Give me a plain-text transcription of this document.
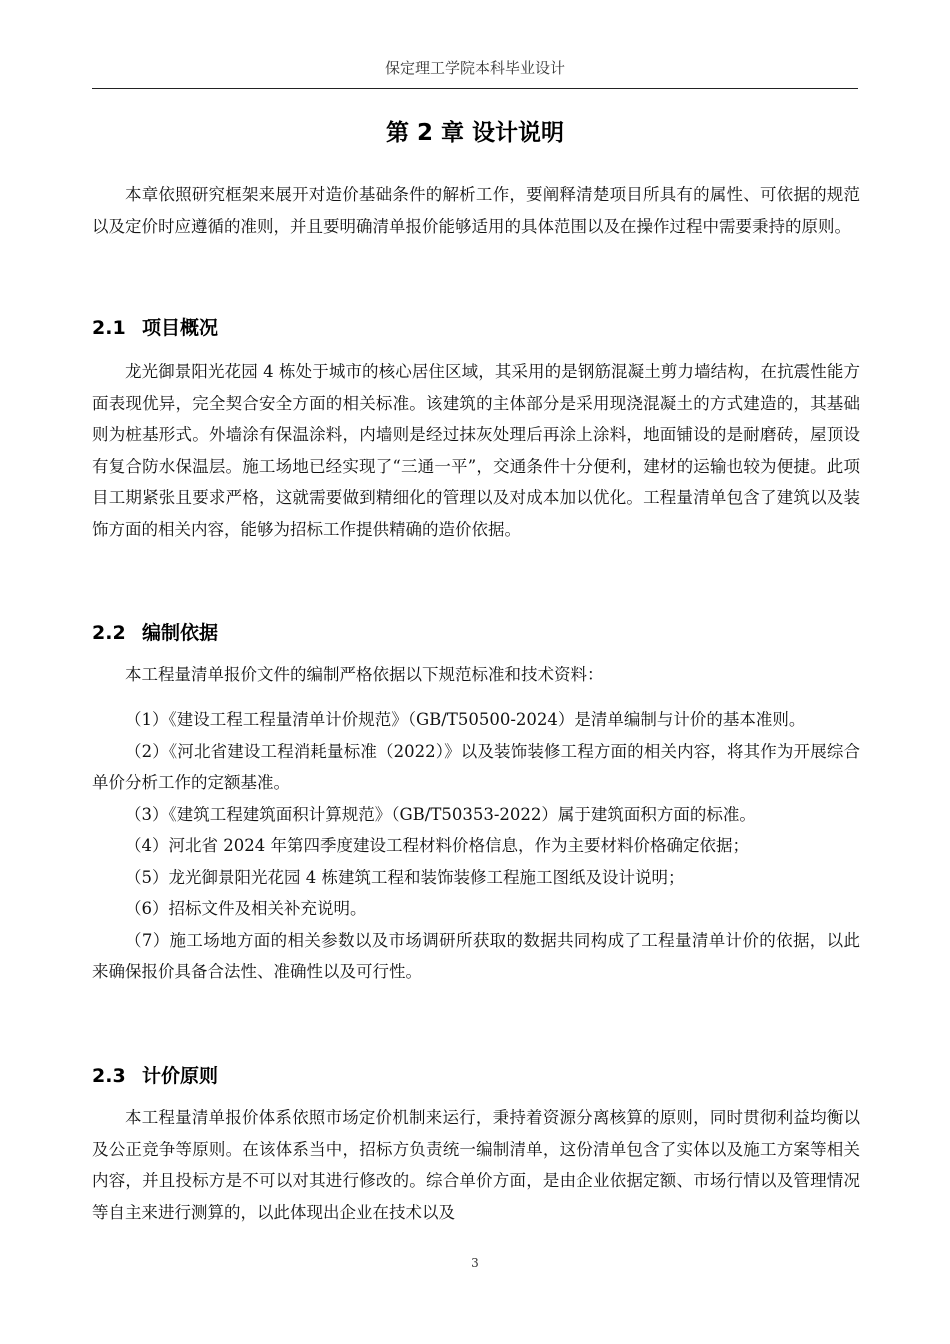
保定理工学院本科毕业设计
第 2 章 设计说明

本章依照研究框架来展开对造价基础条件的解析工作，要阐释清楚项目所具有的属性、可依据的规范以及定价时应遵循的准则，并且要明确清单报价能够适用的具体范围以及在操作过程中需要秉持的原则。

2.1 项目概况

龙光御景阳光花园 4 栋处于城市的核心居住区域，其采用的是钢筋混凝土剪力墙结构，在抗震性能方面表现优异，完全契合安全方面的相关标准。该建筑的主体部分是采用现浇混凝土的方式建造的，其基础则为桩基形式。外墙涂有保温涂料，内墙则是经过抹灰处理后再涂上涂料，地面铺设的是耐磨砖，屋顶设有复合防水保温层。施工场地已经实现了“三通一平”，交通条件十分便利，建材的运输也较为便捷。此项目工期紧张且要求严格，这就需要做到精细化的管理以及对成本加以优化。工程量清单包含了建筑以及装饰方面的相关内容，能够为招标工作提供精确的造价依据。

2.2 编制依据

本工程量清单报价文件的编制严格依据以下规范标准和技术资料：

（1）《建设工程工程量清单计价规范》（GB/T50500-2024）是清单编制与计价的基本准则。

（2）《河北省建设工程消耗量标准（2022）》以及装饰装修工程方面的相关内容，将其作为开展综合单价分析工作的定额基准。

（3）《建筑工程建筑面积计算规范》（GB/T50353-2022）属于建筑面积方面的标准。

（4）河北省 2024 年第四季度建设工程材料价格信息，作为主要材料价格确定依据；

（5）龙光御景阳光花园 4 栋建筑工程和装饰装修工程施工图纸及设计说明；

（6）招标文件及相关补充说明。

（7）施工场地方面的相关参数以及市场调研所获取的数据共同构成了工程量清单计价的依据，以此来确保报价具备合法性、准确性以及可行性。

2.3 计价原则

本工程量清单报价体系依照市场定价机制来运行，秉持着资源分离核算的原则，同时贯彻利益均衡以及公正竞争等原则。在该体系当中，招标方负责统一编制清单，这份清单包含了实体以及施工方案等相关内容，并且投标方是不可以对其进行修改的。综合单价方面，是由企业依据定额、市场行情以及管理情况等自主来进行测算的，以此体现出企业在技术以及

3
